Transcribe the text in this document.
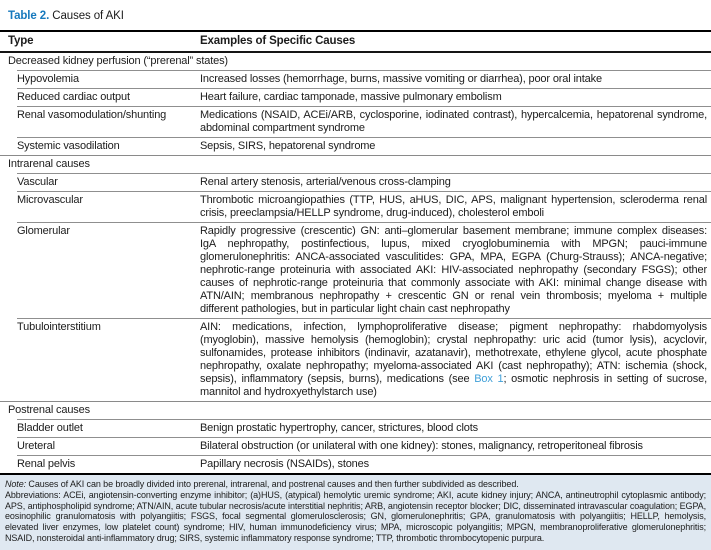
Table 2. Causes of AKI
Type	Examples of Specific Causes
Decreased kidney perfusion (“prerenal” states)
Hypovolemia	Increased losses (hemorrhage, burns, massive vomiting or diarrhea), poor oral intake
Reduced cardiac output	Heart failure, cardiac tamponade, massive pulmonary embolism
Renal vasomodulation/shunting	Medications (NSAID, ACEi/ARB, cyclosporine, iodinated contrast), hypercalcemia, hepatorenal syndrome, abdominal compartment syndrome
Systemic vasodilation	Sepsis, SIRS, hepatorenal syndrome
Intrarenal causes
Vascular	Renal artery stenosis, arterial/venous cross-clamping
Microvascular	Thrombotic microangiopathies (TTP, HUS, aHUS, DIC, APS, malignant hypertension, scleroderma renal crisis, preeclampsia/HELLP syndrome, drug-induced), cholesterol emboli
Glomerular	Rapidly progressive (crescentic) GN: anti–glomerular basement membrane; immune complex diseases: IgA nephropathy, postinfectious, lupus, mixed cryoglobuminemia with MPGN; pauci-immune glomerulonephritis: ANCA-associated vasculitides: GPA, MPA, EGPA (Churg-Strauss); ANCA-negative; nephrotic-range proteinuria with associated AKI: HIV-associated nephropathy (secondary FSGS); other causes of nephrotic-range proteinuria that commonly associate with AKI: minimal change disease with ATN/AIN; membranous nephropathy + crescentic GN or renal vein thrombosis; myeloma + multiple different pathologies, but in particular light chain cast nephropathy
Tubulointerstitium	AIN: medications, infection, lymphoproliferative disease; pigment nephropathy: rhabdomyolysis (myoglobin), massive hemolysis (hemoglobin); crystal nephropathy: uric acid (tumor lysis), acyclovir, sulfonamides, protease inhibitors (indinavir, azatanavir), methotrexate, ethylene glycol, acute phosphate nephropathy, oxalate nephropathy; myeloma-associated AKI (cast nephropathy); ATN: ischemia (shock, sepsis), inflammatory (sepsis, burns), medications (see Box 1; osmotic nephrosis in setting of sucrose, mannitol and hydroxyethylstarch use)
Postrenal causes
Bladder outlet	Benign prostatic hypertrophy, cancer, strictures, blood clots
Ureteral	Bilateral obstruction (or unilateral with one kidney): stones, malignancy, retroperitoneal fibrosis
Renal pelvis	Papillary necrosis (NSAIDs), stones
Note: Causes of AKI can be broadly divided into prerenal, intrarenal, and postrenal causes and then further subdivided as described.
Abbreviations: ACEi, angiotensin-converting enzyme inhibitor; (a)HUS, (atypical) hemolytic uremic syndrome; AKI, acute kidney injury; ANCA, antineutrophil cytoplasmic antibody; APS, antiphospholipid syndrome; ATN/AIN, acute tubular necrosis/acute interstitial nephritis; ARB, angiotensin receptor blocker; DIC, disseminated intravascular coagulation; EGPA, eosinophilic granulomatosis with polyangiitis; FSGS, focal segmental glomerulosclerosis; GN, glomerulonephritis; GPA, granulomatosis with polyangiitis; HELLP, hemolysis, elevated liver enzymes, low platelet count) syndrome; HIV, human immunodeficiency virus; MPA, microscopic polyangiitis; MPGN, membranoproliferative glomerulonephritis; NSAID, nonsteroidal anti-inflammatory drug; SIRS, systemic inflammatory response syndrome; TTP, thrombotic thrombocytopenic purpura.
